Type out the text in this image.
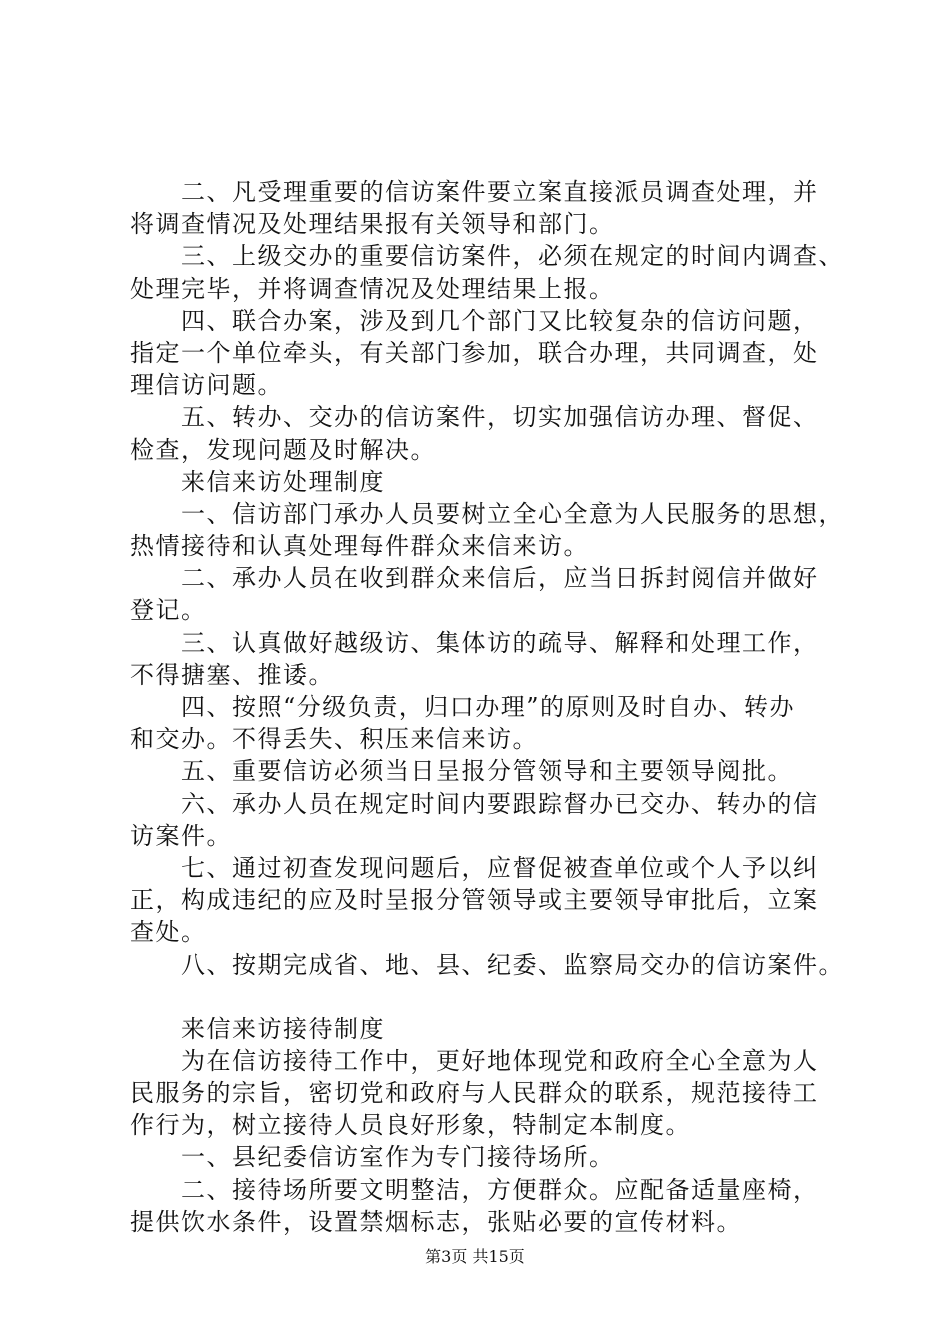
　　二、凡受理重要的信访案件要立案直接派员调查处理，并
将调查情况及处理结果报有关领导和部门。
　　三、上级交办的重要信访案件，必须在规定的时间内调查、
处理完毕，并将调查情况及处理结果上报。
　　四、联合办案，涉及到几个部门又比较复杂的信访问题，
指定一个单位牵头，有关部门参加，联合办理，共同调查，处
理信访问题。
　　五、转办、交办的信访案件，切实加强信访办理、督促、
检查，发现问题及时解决。
　　来信来访处理制度
　　一、信访部门承办人员要树立全心全意为人民服务的思想，
热情接待和认真处理每件群众来信来访。
　　二、承办人员在收到群众来信后，应当日拆封阅信并做好
登记。
　　三、认真做好越级访、集体访的疏导、解释和处理工作，
不得搪塞、推诿。
　　四、按照“分级负责，归口办理”的原则及时自办、转办
和交办。不得丢失、积压来信来访。
　　五、重要信访必须当日呈报分管领导和主要领导阅批。
　　六、承办人员在规定时间内要跟踪督办已交办、转办的信
访案件。
　　七、通过初查发现问题后，应督促被查单位或个人予以纠
正，构成违纪的应及时呈报分管领导或主要领导审批后，立案
查处。
　　八、按期完成省、地、县、纪委、监察局交办的信访案件。
　　来信来访接待制度
　　为在信访接待工作中，更好地体现党和政府全心全意为人
民服务的宗旨，密切党和政府与人民群众的联系，规范接待工
作行为，树立接待人员良好形象，特制定本制度。
　　一、县纪委信访室作为专门接待场所。
　　二、接待场所要文明整洁，方便群众。应配备适量座椅，
提供饮水条件，设置禁烟标志，张贴必要的宣传材料。
第3页 共15页
